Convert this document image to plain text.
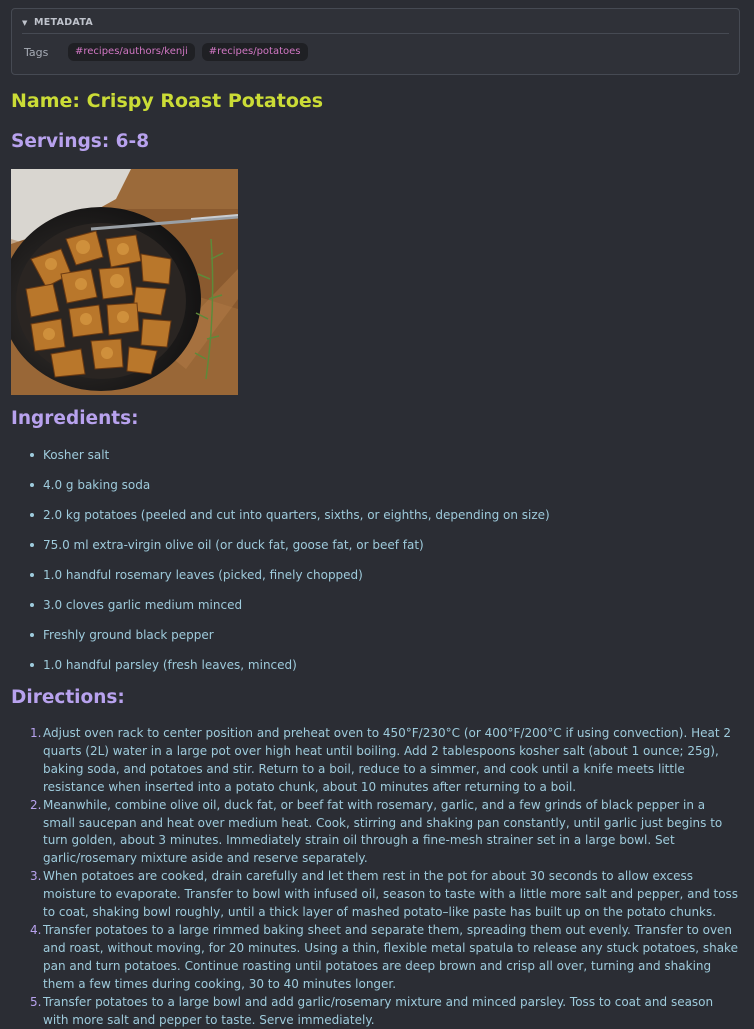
▼ METADATA
Tags	#recipes/authors/kenji	#recipes/potatoes
Name: Crispy Roast Potatoes
Servings: 6-8
Ingredients:
Kosher salt
4.0 g baking soda
2.0 kg potatoes (peeled and cut into quarters, sixths, or eighths, depending on size)
75.0 ml extra-virgin olive oil (or duck fat, goose fat, or beef fat)
1.0 handful rosemary leaves (picked, finely chopped)
3.0 cloves garlic medium minced
Freshly ground black pepper
1.0 handful parsley (fresh leaves, minced)
Directions:
1. Adjust oven rack to center position and preheat oven to 450°F/230°C (or 400°F/200°C if using convection). Heat 2 quarts (2L) water in a large pot over high heat until boiling. Add 2 tablespoons kosher salt (about 1 ounce; 25g), baking soda, and potatoes and stir. Return to a boil, reduce to a simmer, and cook until a knife meets little resistance when inserted into a potato chunk, about 10 minutes after returning to a boil.
2. Meanwhile, combine olive oil, duck fat, or beef fat with rosemary, garlic, and a few grinds of black pepper in a small saucepan and heat over medium heat. Cook, stirring and shaking pan constantly, until garlic just begins to turn golden, about 3 minutes. Immediately strain oil through a fine-mesh strainer set in a large bowl. Set garlic/rosemary mixture aside and reserve separately.
3. When potatoes are cooked, drain carefully and let them rest in the pot for about 30 seconds to allow excess moisture to evaporate. Transfer to bowl with infused oil, season to taste with a little more salt and pepper, and toss to coat, shaking bowl roughly, until a thick layer of mashed potato–like paste has built up on the potato chunks.
4. Transfer potatoes to a large rimmed baking sheet and separate them, spreading them out evenly. Transfer to oven and roast, without moving, for 20 minutes. Using a thin, flexible metal spatula to release any stuck potatoes, shake pan and turn potatoes. Continue roasting until potatoes are deep brown and crisp all over, turning and shaking them a few times during cooking, 30 to 40 minutes longer.
5. Transfer potatoes to a large bowl and add garlic/rosemary mixture and minced parsley. Toss to coat and season with more salt and pepper to taste. Serve immediately.
